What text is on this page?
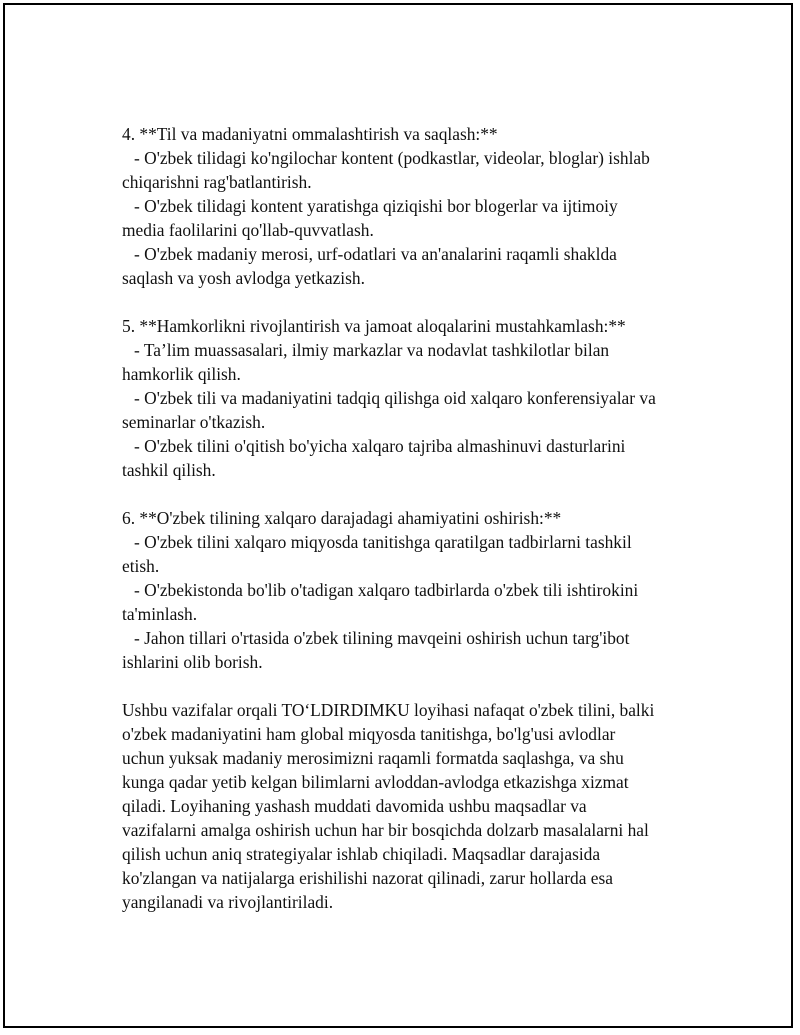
4. **Til va madaniyatni ommalashtirish va saqlash:**
- O'zbek tilidagi ko'ngilochar kontent (podkastlar, videolar, bloglar) ishlab
chiqarishni rag'batlantirish.
- O'zbek tilidagi kontent yaratishga qiziqishi bor blogerlar va ijtimoiy
media faolilarini qo'llab-quvvatlash.
- O'zbek madaniy merosi, urf-odatlari va an'analarini raqamli shaklda
saqlash va yosh avlodga yetkazish.
5. **Hamkorlikni rivojlantirish va jamoat aloqalarini mustahkamlash:**
- Ta’lim muassasalari, ilmiy markazlar va nodavlat tashkilotlar bilan
hamkorlik qilish.
- O'zbek tili va madaniyatini tadqiq qilishga oid xalqaro konferensiyalar va
seminarlar o'tkazish.
- O'zbek tilini o'qitish bo'yicha xalqaro tajriba almashinuvi dasturlarini
tashkil qilish.
6. **O'zbek tilining xalqaro darajadagi ahamiyatini oshirish:**
- O'zbek tilini xalqaro miqyosda tanitishga qaratilgan tadbirlarni tashkil
etish.
- O'zbekistonda bo'lib o'tadigan xalqaro tadbirlarda o'zbek tili ishtirokini
ta'minlash.
- Jahon tillari o'rtasida o'zbek tilining mavqeini oshirish uchun targ'ibot
ishlarini olib borish.
Ushbu vazifalar orqali TO‘LDIRDIMKU loyihasi nafaqat o'zbek tilini, balki
o'zbek madaniyatini ham global miqyosda tanitishga, bo'lg'usi avlodlar
uchun yuksak madaniy merosimizni raqamli formatda saqlashga, va shu
kunga qadar yetib kelgan bilimlarni avloddan-avlodga etkazishga xizmat
qiladi. Loyihaning yashash muddati davomida ushbu maqsadlar va
vazifalarni amalga oshirish uchun har bir bosqichda dolzarb masalalarni hal
qilish uchun aniq strategiyalar ishlab chiqiladi. Maqsadlar darajasida
ko'zlangan va natijalarga erishilishi nazorat qilinadi, zarur hollarda esa
yangilanadi va rivojlantiriladi.
